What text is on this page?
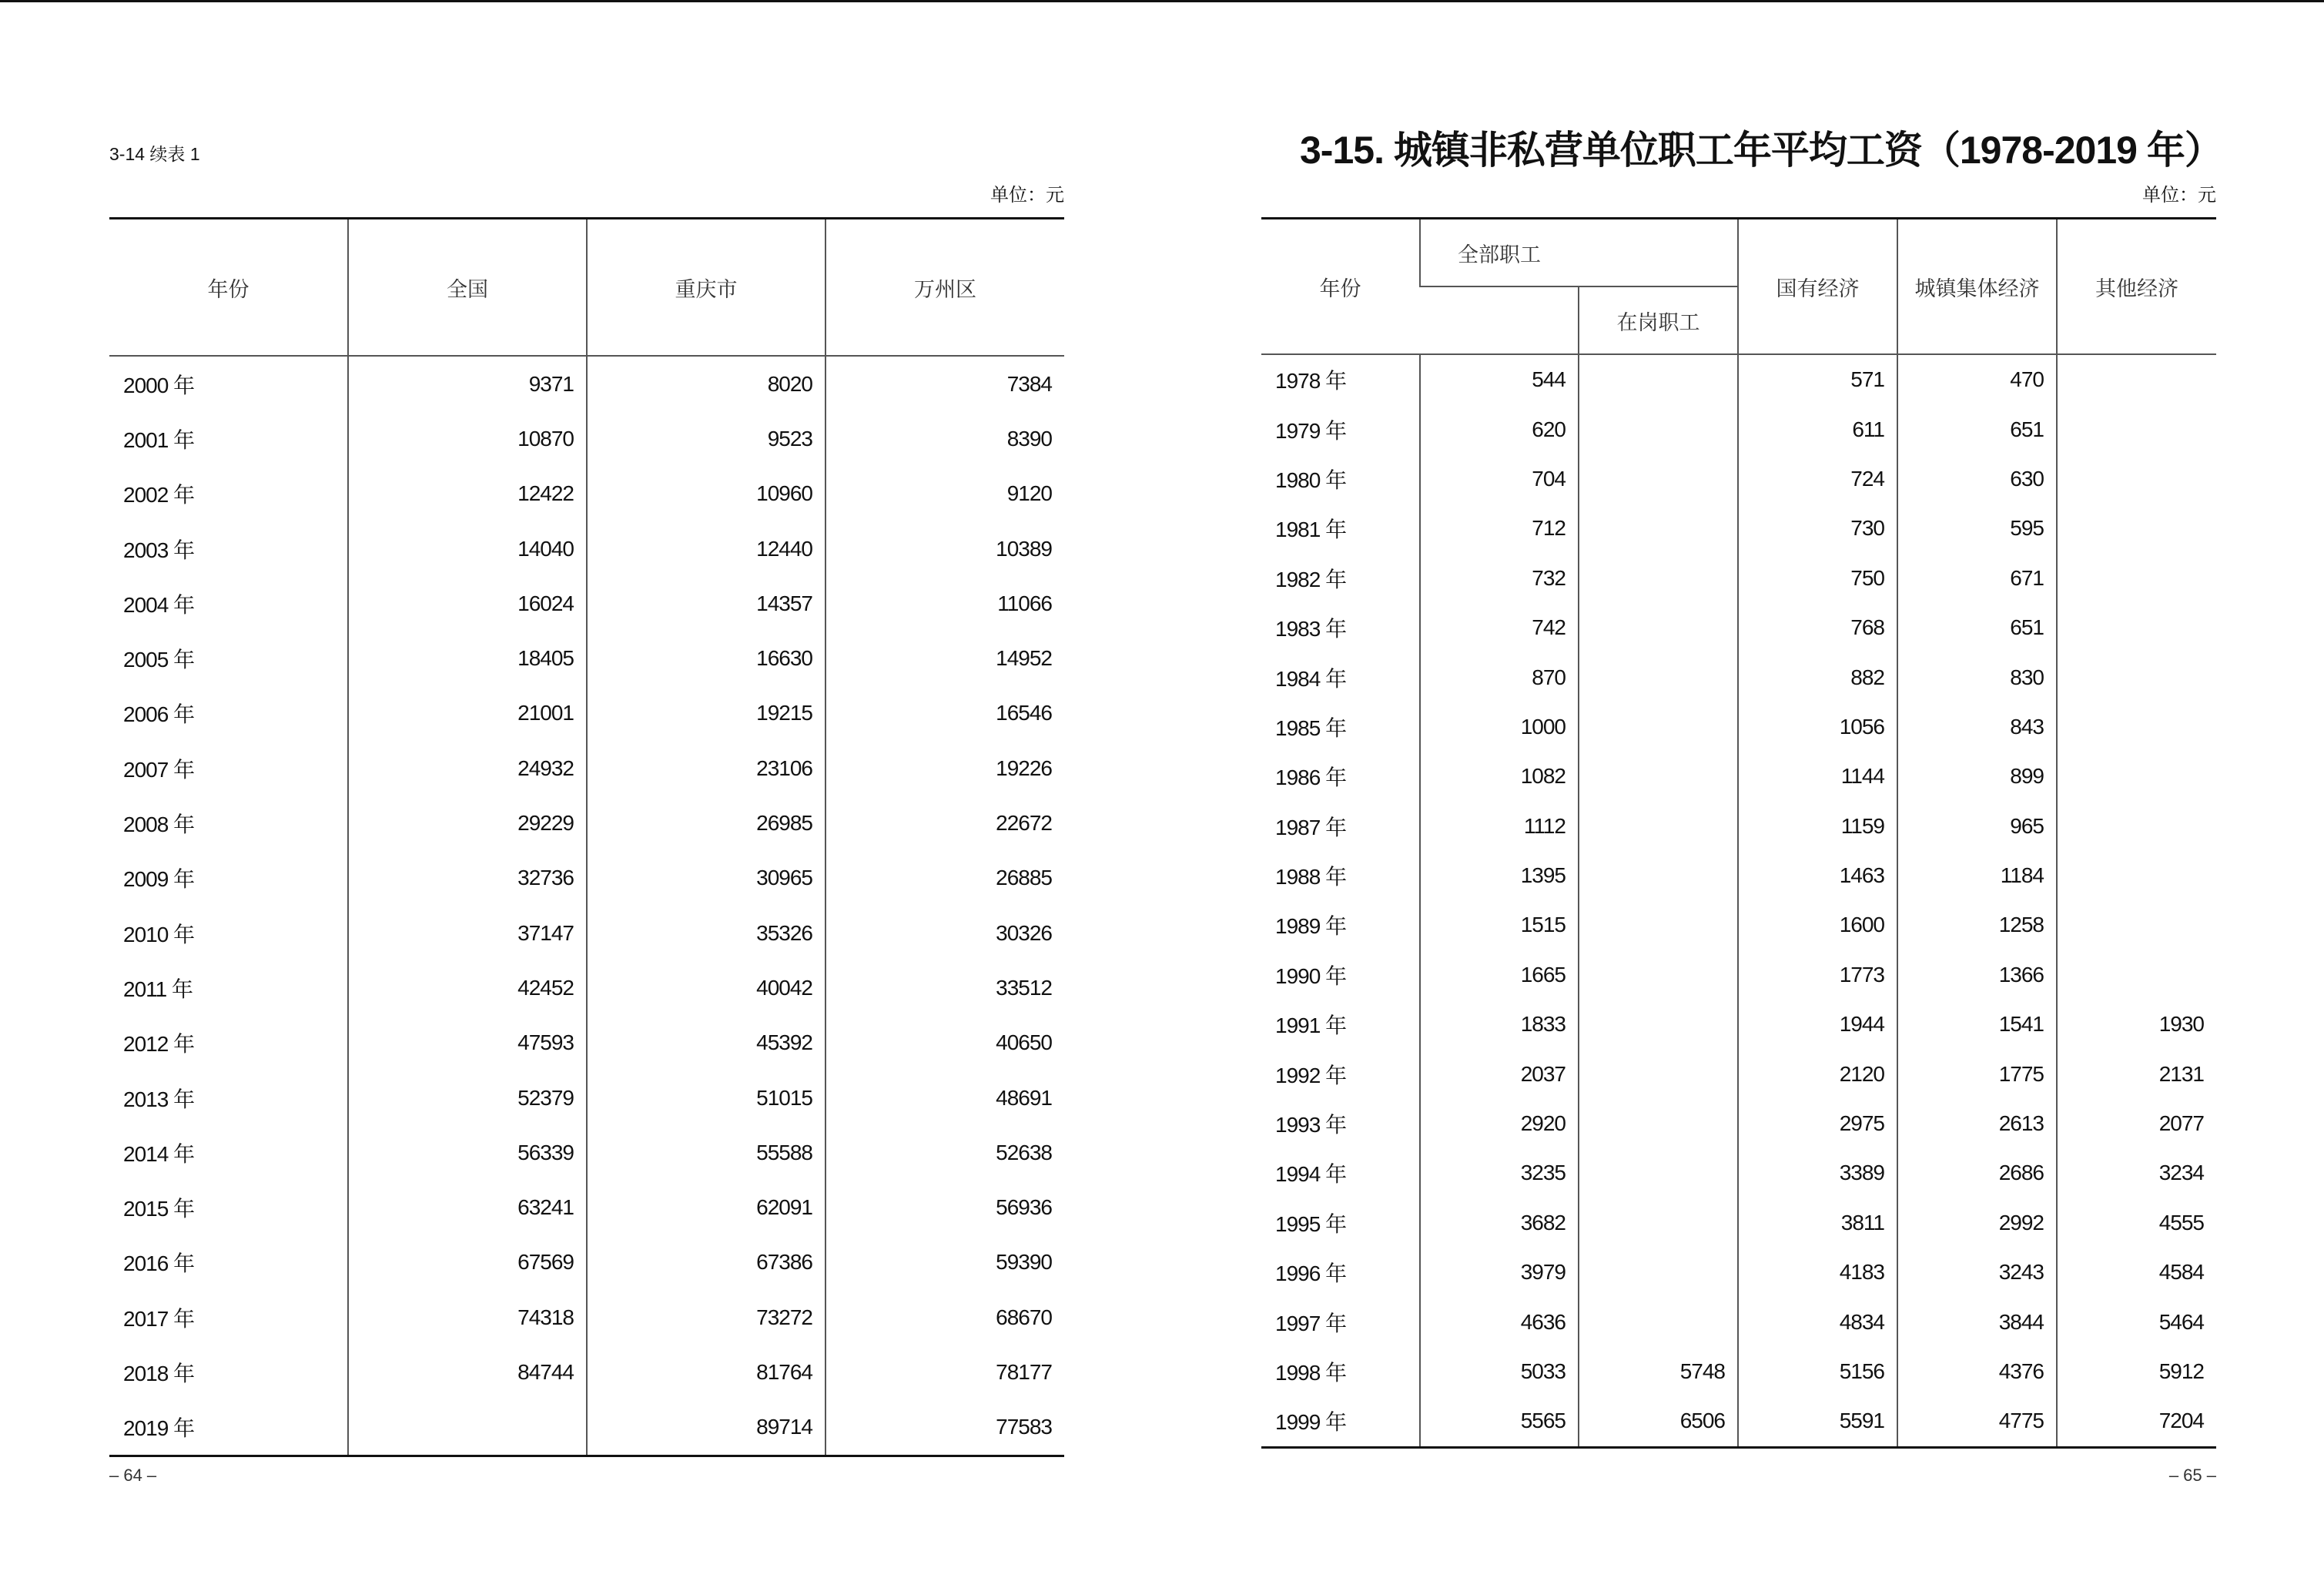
3-14 续表 1
单位：元
年份	全国	重庆市	万州区
2000 年	9371	8020	7384
2001 年	10870	9523	8390
2002 年	12422	10960	9120
2003 年	14040	12440	10389
2004 年	16024	14357	11066
2005 年	18405	16630	14952
2006 年	21001	19215	16546
2007 年	24932	23106	19226
2008 年	29229	26985	22672
2009 年	32736	30965	26885
2010 年	37147	35326	30326
2011 年	42452	40042	33512
2012 年	47593	45392	40650
2013 年	52379	51015	48691
2014 年	56339	55588	52638
2015 年	63241	62091	56936
2016 年	67569	67386	59390
2017 年	74318	73272	68670
2018 年	84744	81764	78177
2019 年		89714	77583
– 64 –
3-15. 城镇非私营单位职工年平均工资（1978-2019 年）
单位：元
年份	全部职工		国有经济	城镇集体经济	其他经济
		在岗职工			
1978 年	544		571	470	
1979 年	620		611	651	
1980 年	704		724	630	
1981 年	712		730	595	
1982 年	732		750	671	
1983 年	742		768	651	
1984 年	870		882	830	
1985 年	1000		1056	843	
1986 年	1082		1144	899	
1987 年	1112		1159	965	
1988 年	1395		1463	1184	
1989 年	1515		1600	1258	
1990 年	1665		1773	1366	
1991 年	1833		1944	1541	1930
1992 年	2037		2120	1775	2131
1993 年	2920		2975	2613	2077
1994 年	3235		3389	2686	3234
1995 年	3682		3811	2992	4555
1996 年	3979		4183	3243	4584
1997 年	4636		4834	3844	5464
1998 年	5033	5748	5156	4376	5912
1999 年	5565	6506	5591	4775	7204
– 65 –
